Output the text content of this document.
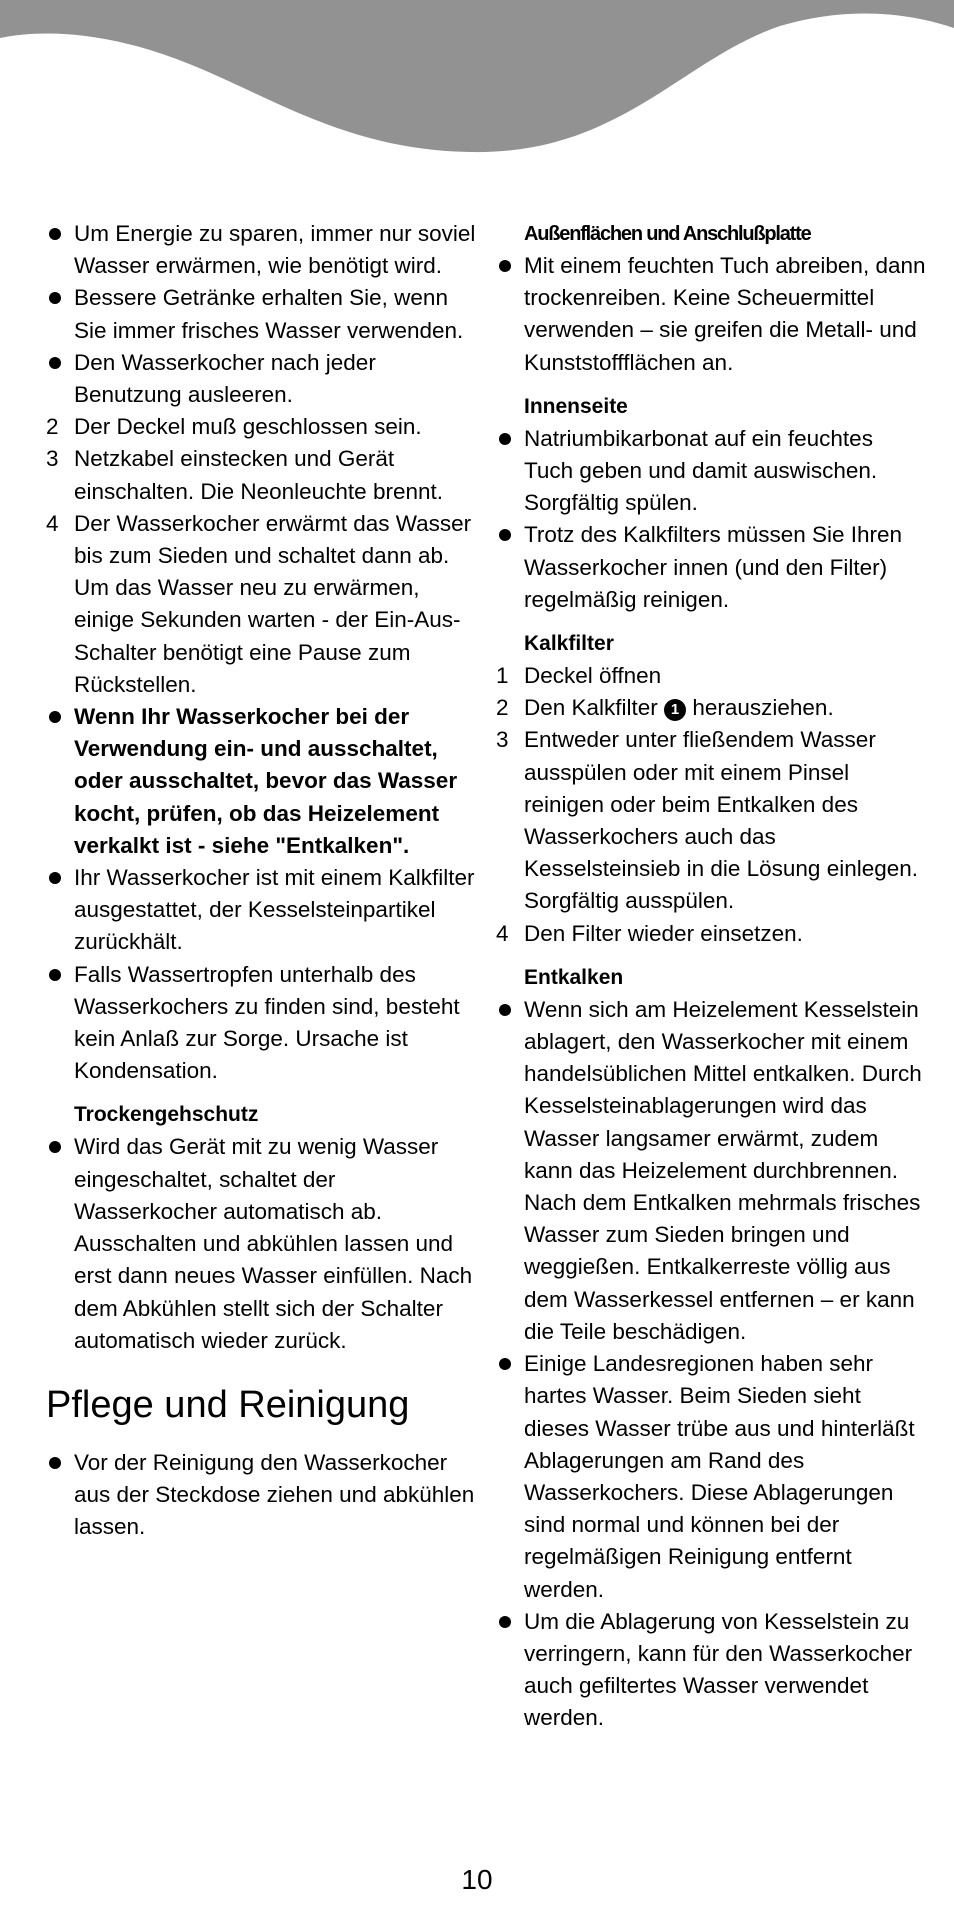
Um Energie zu sparen, immer nur soviel Wasser erwärmen, wie benötigt wird.
Bessere Getränke erhalten Sie, wenn Sie immer frisches Wasser verwenden.
Den Wasserkocher nach jeder Benutzung ausleeren.
2 Der Deckel muß geschlossen sein.
3 Netzkabel einstecken und Gerät einschalten. Die Neonleuchte brennt.
4 Der Wasserkocher erwärmt das Wasser bis zum Sieden und schaltet dann ab. Um das Wasser neu zu erwärmen, einige Sekunden warten - der Ein-Aus-Schalter benötigt eine Pause zum Rückstellen.
Wenn Ihr Wasserkocher bei der Verwendung ein- und ausschaltet, oder ausschaltet, bevor das Wasser kocht, prüfen, ob das Heizelement verkalkt ist - siehe "Entkalken".
Ihr Wasserkocher ist mit einem Kalkfilter ausgestattet, der Kesselsteinpartikel zurückhält.
Falls Wassertropfen unterhalb des Wasserkochers zu finden sind, besteht kein Anlaß zur Sorge. Ursache ist Kondensation.
Trockengehschutz
Wird das Gerät mit zu wenig Wasser eingeschaltet, schaltet der Wasserkocher automatisch ab. Ausschalten und abkühlen lassen und erst dann neues Wasser einfüllen. Nach dem Abkühlen stellt sich der Schalter automatisch wieder zurück.
Pflege und Reinigung
Vor der Reinigung den Wasserkocher aus der Steckdose ziehen und abkühlen lassen.
Außenflächen und Anschlußplatte
Mit einem feuchten Tuch abreiben, dann trockenreiben. Keine Scheuermittel verwenden – sie greifen die Metall- und Kunststoffflächen an.
Innenseite
Natriumbikarbonat auf ein feuchtes Tuch geben und damit auswischen. Sorgfältig spülen.
Trotz des Kalkfilters müssen Sie Ihren Wasserkocher innen (und den Filter) regelmäßig reinigen.
Kalkfilter
1 Deckel öffnen
2 Den Kalkfilter 1 herausziehen.
3 Entweder unter fließendem Wasser ausspülen oder mit einem Pinsel reinigen oder beim Entkalken des Wasserkochers auch das Kesselsteinsieb in die Lösung einlegen. Sorgfältig ausspülen.
4 Den Filter wieder einsetzen.
Entkalken
Wenn sich am Heizelement Kesselstein ablagert, den Wasserkocher mit einem handelsüblichen Mittel entkalken. Durch Kesselsteinablagerungen wird das Wasser langsamer erwärmt, zudem kann das Heizelement durchbrennen. Nach dem Entkalken mehrmals frisches Wasser zum Sieden bringen und weggießen. Entkalkerreste völlig aus dem Wasserkessel entfernen – er kann die Teile beschädigen.
Einige Landesregionen haben sehr hartes Wasser. Beim Sieden sieht dieses Wasser trübe aus und hinterläßt Ablagerungen am Rand des Wasserkochers. Diese Ablagerungen sind normal und können bei der regelmäßigen Reinigung entfernt werden.
Um die Ablagerung von Kesselstein zu verringern, kann für den Wasserkocher auch gefiltertes Wasser verwendet werden.
10
